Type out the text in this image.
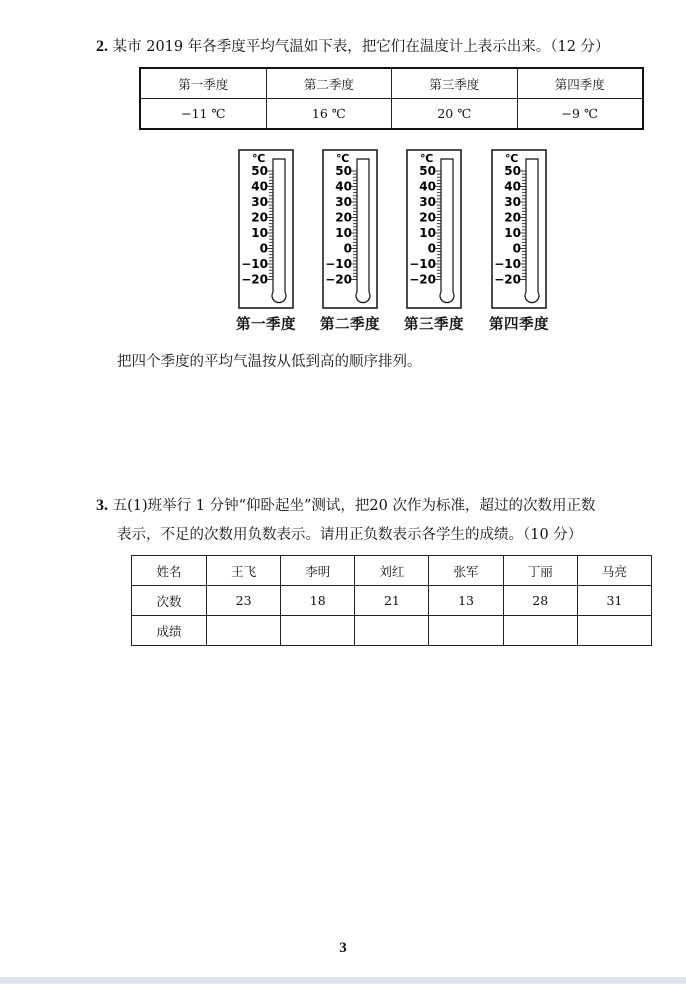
2. 某市 2019 年各季度平均气温如下表，把它们在温度计上表示出来。（12 分）
第一季度	第二季度	第三季度	第四季度
−11 ℃	16 ℃	20 ℃	−9 ℃
℃
50
40
30
20
10
0
−10
−20
℃
50
40
30
20
10
0
−10
−20
℃
50
40
30
20
10
0
−10
−20
℃
50
40
30
20
10
0
−10
−20
第一季度	第二季度	第三季度	第四季度
把四个季度的平均气温按从低到高的顺序排列。
3. 五(1)班举行 1 分钟“仰卧起坐”测试，把20 次作为标准，超过的次数用正数
表示，不足的次数用负数表示。请用正负数表示各学生的成绩。（10 分）
姓名	王飞	李明	刘红	张军	丁丽	马亮
次数	23	18	21	13	28	31
成绩						
3
